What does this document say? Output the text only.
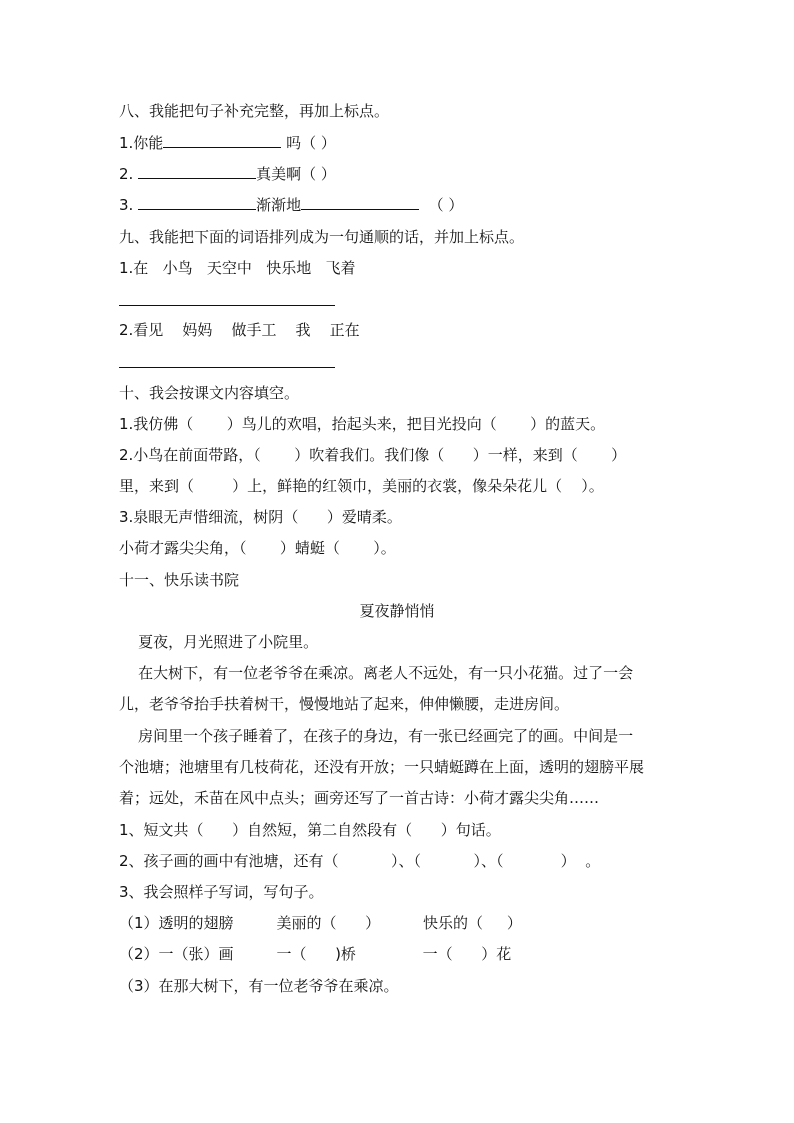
八、我能把句子补充完整，再加上标点。
1.你能	吗（ ）
2.	真美啊（ ）
3.	渐渐地	（ ）
九、我能把下面的词语排列成为一句通顺的话，并加上标点。
1.在   小鸟   天空中   快乐地   飞着
2.看见    妈妈    做手工    我    正在
十、我会按课文内容填空。
1.我仿佛（       ）鸟儿的欢唱，抬起头来，把目光投向（       ）的蓝天。
2.小鸟在前面带路，（       ）吹着我们。我们像（      ）一样，来到（       ）
里，来到（        ）上，鲜艳的红领巾，美丽的衣裳，像朵朵花儿（    ）。
3.泉眼无声惜细流，树阴（      ）爱晴柔。
小荷才露尖尖角，（       ）蜻蜓（       ）。
十一、快乐读书院
夏夜静悄悄
夏夜，月光照进了小院里。
在大树下，有一位老爷爷在乘凉。离老人不远处，有一只小花猫。过了一会
儿，老爷爷抬手扶着树干，慢慢地站了起来，伸伸懒腰，走进房间。
房间里一个孩子睡着了，在孩子的身边，有一张已经画完了的画。中间是一
个池塘；池塘里有几枝荷花，还没有开放；一只蜻蜓蹲在上面，透明的翅膀平展
着；远处，禾苗在风中点头；画旁还写了一首古诗：小荷才露尖尖角……
1、短文共（      ）自然短，第二自然段有（      ）句话。
2、孩子画的画中有池塘，还有（           ）、（           ）、（            ）  。
3、我会照样子写词，写句子。
（1）透明的翅膀         美丽的（      ）         快乐的（     ）
（2）一（张）画         一（      )桥              一（      ）花
（3）在那大树下，有一位老爷爷在乘凉。
